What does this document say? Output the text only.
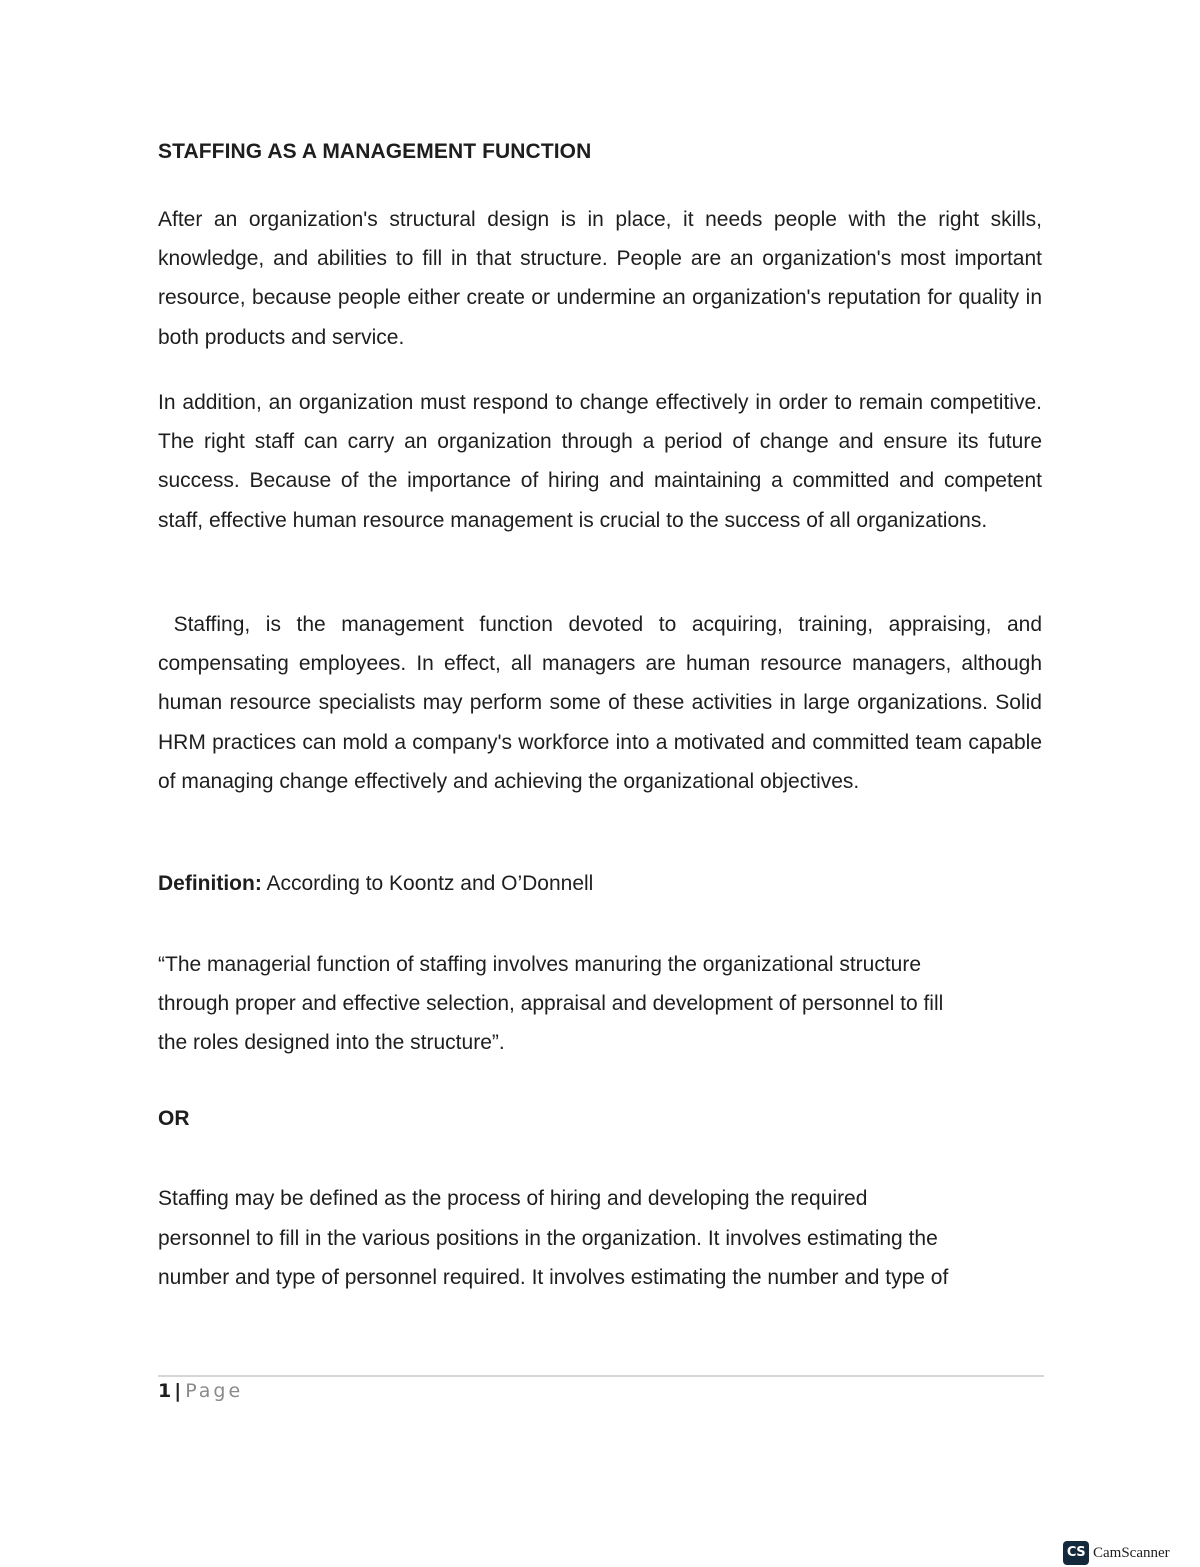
STAFFING AS A MANAGEMENT FUNCTION

After an organization's structural design is in place, it needs people with the right skills, knowledge, and abilities to fill in that structure. People are an organization's most important resource, because people either create or undermine an organization's reputation for quality in both products and service.

In addition, an organization must respond to change effectively in order to remain competitive. The right staff can carry an organization through a period of change and ensure its future success. Because of the importance of hiring and maintaining a committed and competent staff, effective human resource management is crucial to the success of all organizations.

Staffing, is the management function devoted to acquiring, training, appraising, and compensating employees. In effect, all managers are human resource managers, although human resource specialists may perform some of these activities in large organizations. Solid HRM practices can mold a company's workforce into a motivated and committed team capable of managing change effectively and achieving the organizational objectives.

Definition: According to Koontz and O’Donnell

“The managerial function of staffing involves manuring the organizational structure
through proper and effective selection, appraisal and development of personnel to fill
the roles designed into the structure”.

OR

Staffing may be defined as the process of hiring and developing the required
personnel to fill in the various positions in the organization. It involves estimating the
number and type of personnel required. It involves estimating the number and type of

1 | Page
CS CamScanner
